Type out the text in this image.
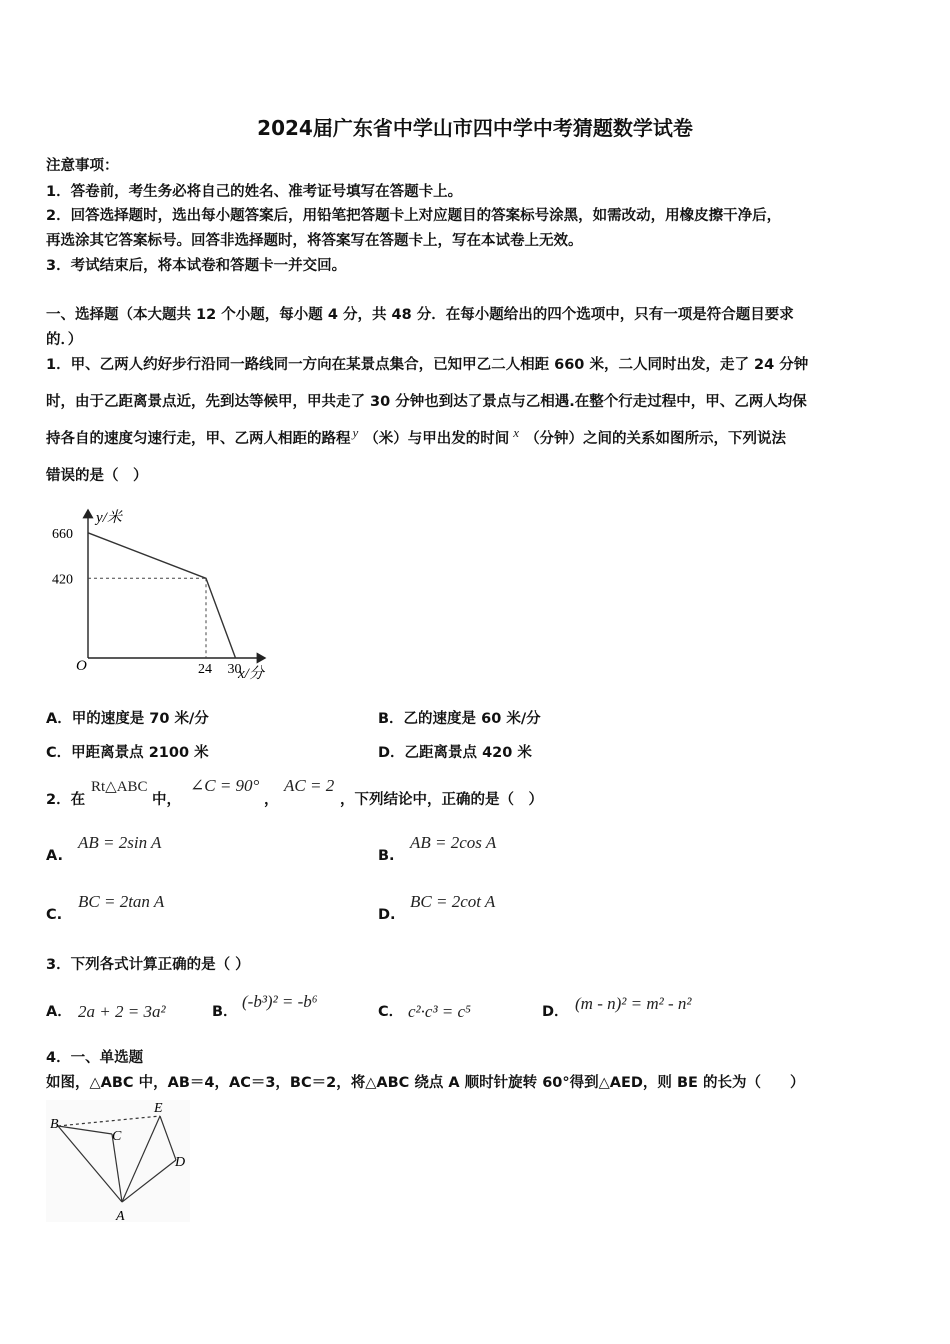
2024届广东省中学山市四中学中考猜题数学试卷
注意事项：
1．答卷前，考生务必将自己的姓名、准考证号填写在答题卡上。
2．回答选择题时，选出每小题答案后，用铅笔把答题卡上对应题目的答案标号涂黑，如需改动，用橡皮擦干净后，
再选涂其它答案标号。回答非选择题时，将答案写在答题卡上，写在本试卷上无效。
3．考试结束后，将本试卷和答题卡一并交回。
一、选择题（本大题共 12 个小题，每小题 4 分，共 48 分．在每小题给出的四个选项中，只有一项是符合题目要求
的．）
1．甲、乙两人约好步行沿同一路线同一方向在某景点集合，已知甲乙二人相距 660 米，二人同时出发，走了 24 分钟
时，由于乙距离景点近，先到达等候甲，甲共走了 30 分钟也到达了景点与乙相遇.在整个行走过程中，甲、乙两人均保
持各自的速度匀速行走，甲、乙两人相距的路程 y （米）与甲出发的时间 x （分钟）之间的关系如图所示，下列说法
错误的是（　）
y/米
x/分
O
660
420
24 30
A．甲的速度是 70 米/分	B．乙的速度是 60 米/分
C．甲距离景点 2100 米	D．乙距离景点 420 米
2．在
Rt△ABC
中，
∠C = 90°
，
AC = 2
，下列结论中，正确的是（　）
A.
AB = 2sin A
B.
AB = 2cos A
C.
BC = 2tan A
D.
BC = 2cot A
3．下列各式计算正确的是（ ）
A． 2a + 2 = 3a²	B．
(-b³)² = -b⁶
C． c²·c³ = c⁵	D． (m - n)² = m² - n²
4．一、单选题
如图，△ABC 中，AB＝4，AC＝3，BC＝2，将△ABC 绕点 A 顺时针旋转 60°得到△AED，则 BE 的长为（　　）
B
C
E
D
A
